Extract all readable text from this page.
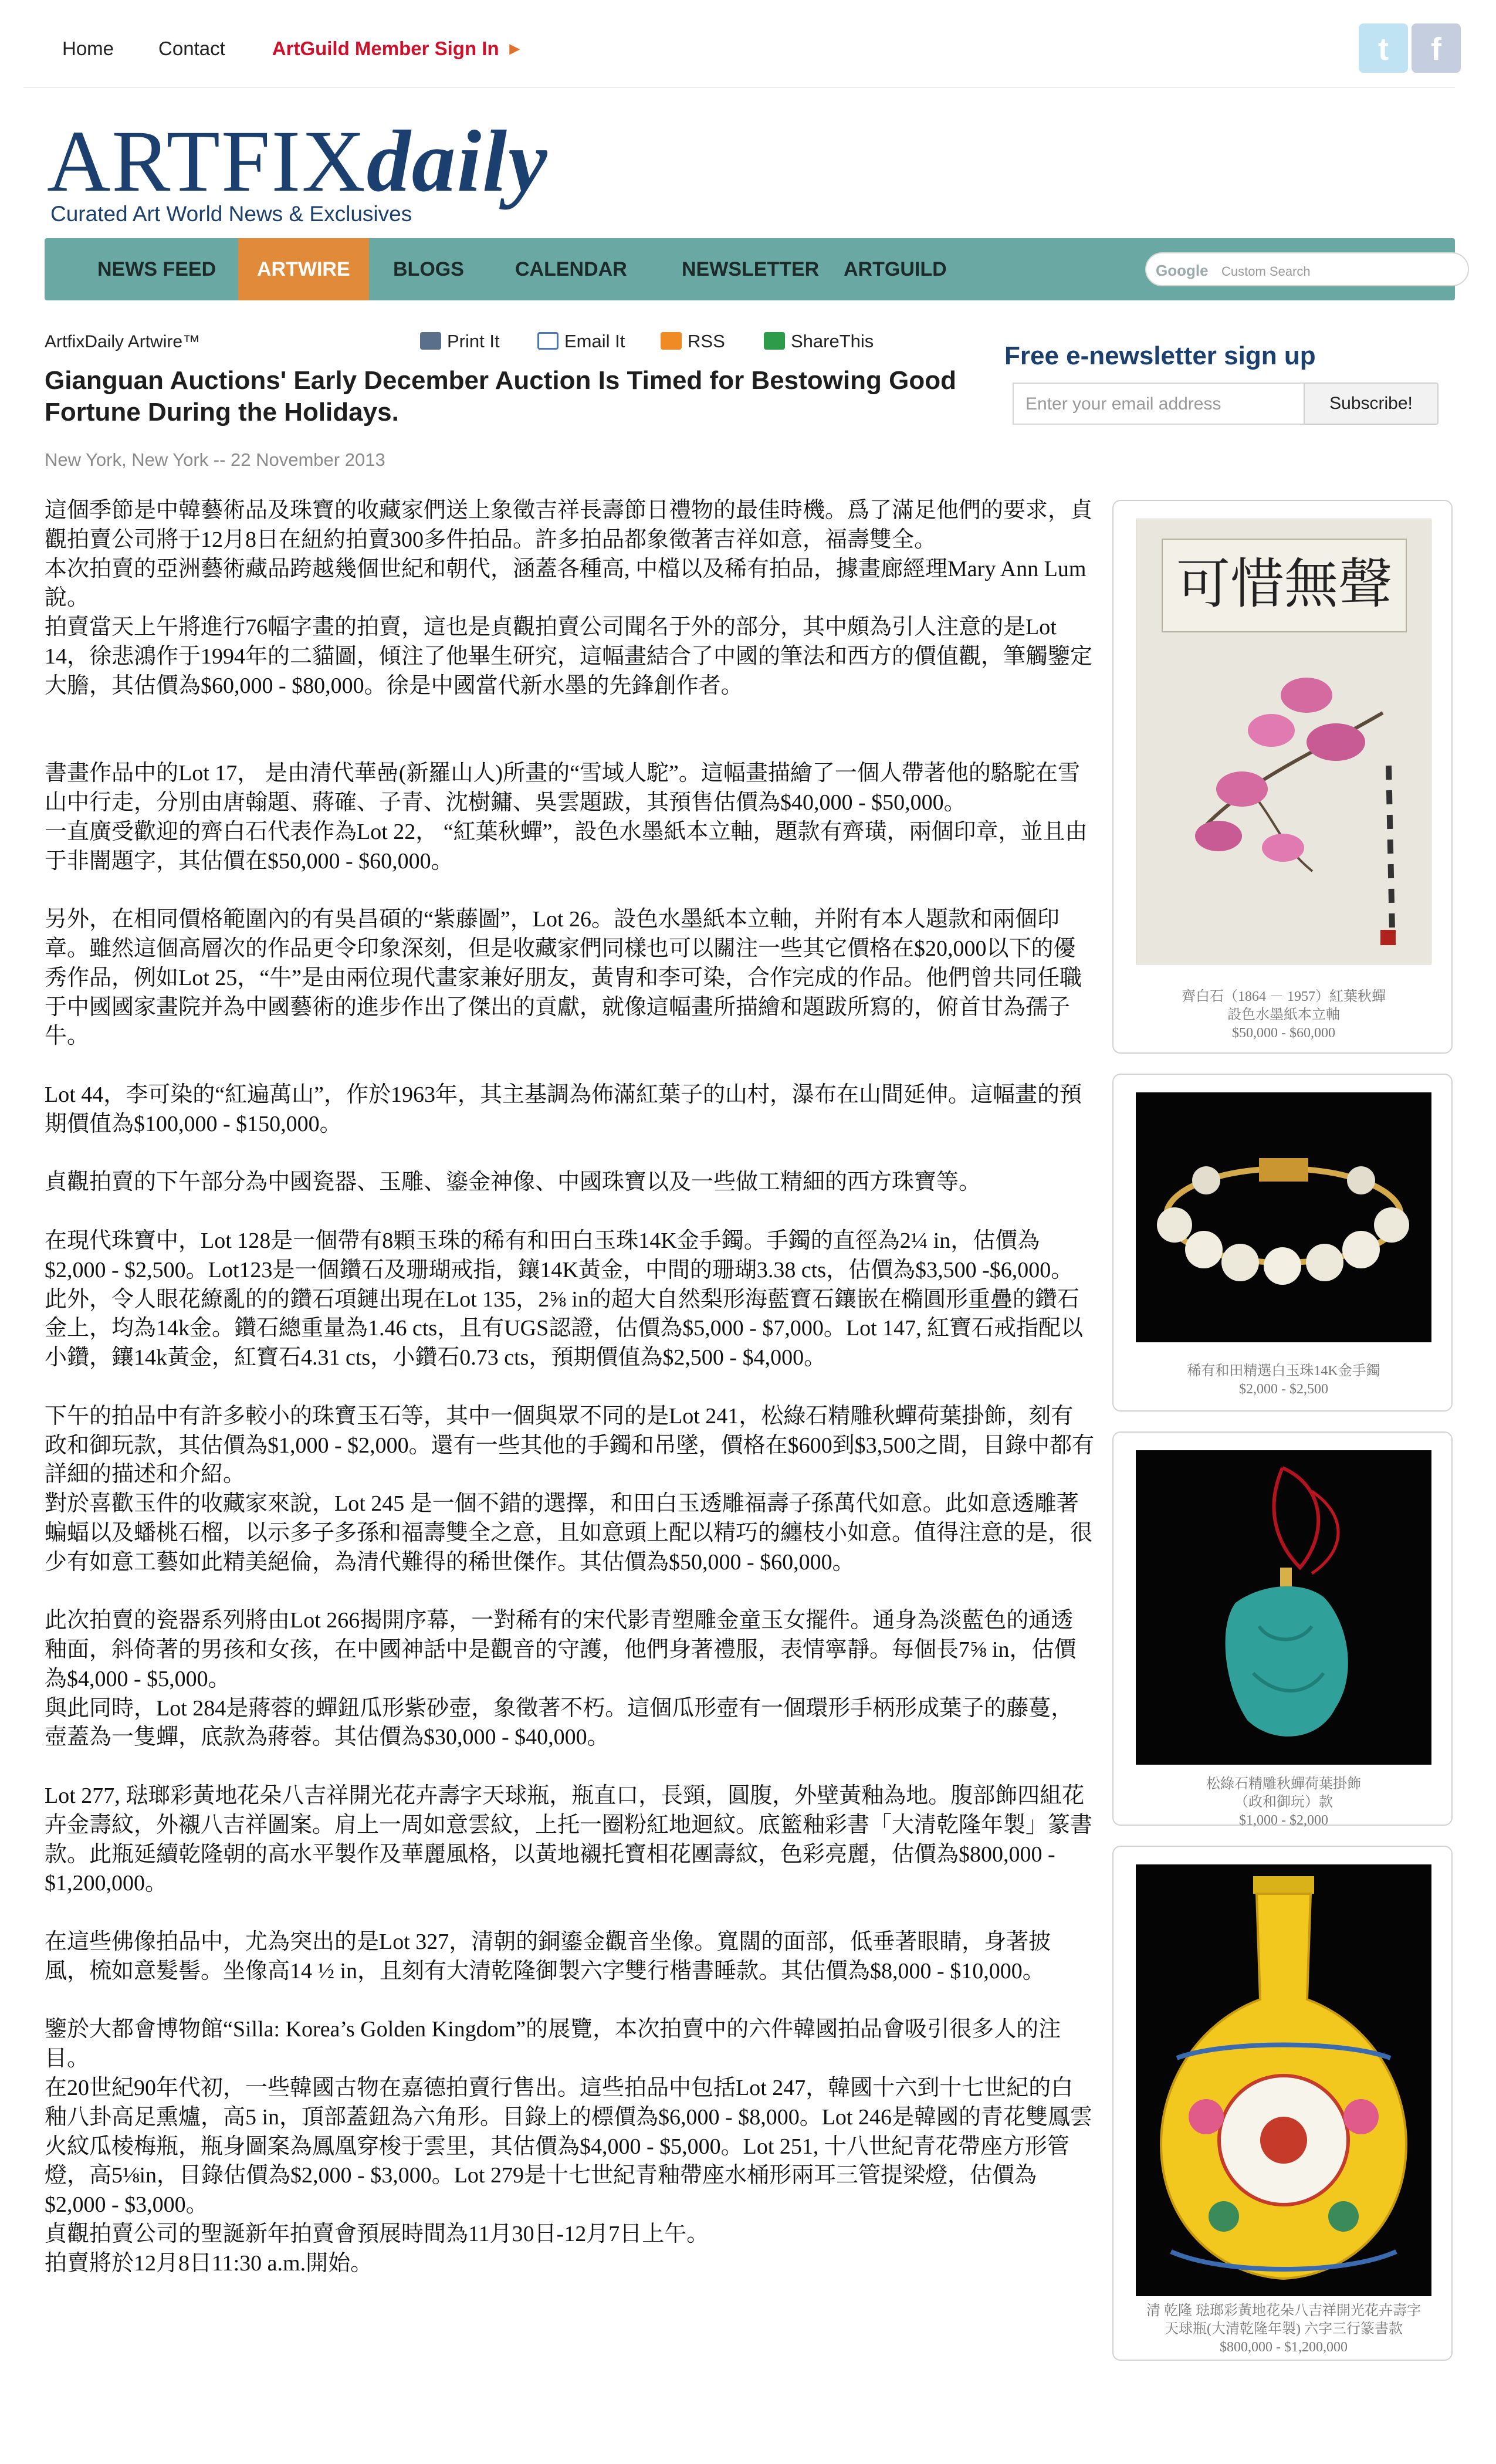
Home Contact ArtGuild Member Sign In ▶	t	f
ARTFIXdaily
Curated Art World News & Exclusives
NEWS FEED	ARTWIRE	BLOGS	CALENDAR	NEWSLETTER	ARTGUILD	Google Custom Search
ArtfixDaily Artwire™	Print It	Email It	RSS	ShareThis
Gianguan Auctions' Early December Auction Is Timed for Bestowing Good Fortune During the Holidays.
New York, New York -- 22 November 2013

這個季節是中韓藝術品及珠寶的收藏家們送上象徵吉祥長壽節日禮物的最佳時機。爲了滿足他們的要求，貞觀拍賣公司將于12月8日在紐約拍賣300多件拍品。許多拍品都象徵著吉祥如意，福壽雙全。

本次拍賣的亞洲藝術藏品跨越幾個世紀和朝代，涵蓋各種高, 中檔以及稀有拍品，據畫廊經理Mary Ann Lum 說。

拍賣當天上午將進行76幅字畫的拍賣，這也是貞觀拍賣公司聞名于外的部分，其中頗為引人注意的是Lot 14，徐悲鴻作于1994年的二貓圖，傾注了他畢生研究，這幅畫結合了中國的筆法和西方的價值觀，筆觸鑒定大膽，其估價為$60,000 - $80,000。徐是中國當代新水墨的先鋒創作者。

書畫作品中的Lot 17， 是由清代華喦(新羅山人)所畫的“雪域人駝”。這幅畫描繪了一個人帶著他的駱駝在雪山中行走，分別由唐翰題、蔣確、子青、沈樹鏞、吳雲題跋，其預售估價為$40,000 - $50,000。

一直廣受歡迎的齊白石代表作為Lot 22， “紅葉秋蟬”，設色水墨紙本立軸，題款有齊璜，兩個印章，並且由于非闇題字，其估價在$50,000 - $60,000。

另外，在相同價格範圍內的有吳昌碩的“紫藤圖”，Lot 26。設色水墨紙本立軸，并附有本人題款和兩個印章。雖然這個高層次的作品更令印象深刻，但是收藏家們同樣也可以關注一些其它價格在$20,000以下的優秀作品，例如Lot 25，“牛”是由兩位現代畫家兼好朋友，黃胄和李可染，合作完成的作品。他們曾共同任職于中國國家畫院并為中國藝術的進步作出了傑出的貢獻，就像這幅畫所描繪和題跋所寫的，俯首甘為孺子牛。

Lot 44，李可染的“紅遍萬山”，作於1963年，其主基調為佈滿紅葉子的山村，瀑布在山間延伸。這幅畫的預期價值為$100,000 - $150,000。

貞觀拍賣的下午部分為中國瓷器、玉雕、鎏金神像、中國珠寶以及一些做工精細的西方珠寶等。

在現代珠寶中，Lot 128是一個帶有8顆玉珠的稀有和田白玉珠14K金手鐲。手鐲的直徑為2¼ in，估價為$2,000 - $2,500。Lot123是一個鑽石及珊瑚戒指，鑲14K黃金，中間的珊瑚3.38 cts，估價為$3,500 -$6,000。此外，令人眼花繚亂的的鑽石項鏈出現在Lot 135，2⅝ in的超大自然梨形海藍寶石鑲嵌在橢圓形重疊的鑽石金上，均為14k金。鑽石總重量為1.46 cts，且有UGS認證，估價為$5,000 - $7,000。Lot 147, 紅寶石戒指配以小鑽，鑲14k黃金，紅寶石4.31 cts，小鑽石0.73 cts，預期價值為$2,500 - $4,000。

下午的拍品中有許多較小的珠寶玉石等，其中一個與眾不同的是Lot 241，松綠石精雕秋蟬荷葉掛飾，刻有政和御玩款，其估價為$1,000 - $2,000。還有一些其他的手鐲和吊墜，價格在$600到$3,500之間，目錄中都有詳細的描述和介紹。

對於喜歡玉件的收藏家來說，Lot 245 是一個不錯的選擇，和田白玉透雕福壽子孫萬代如意。此如意透雕著蝙蝠以及蟠桃石榴，以示多子多孫和福壽雙全之意，且如意頭上配以精巧的纏枝小如意。值得注意的是，很少有如意工藝如此精美絕倫，為清代難得的稀世傑作。其估價為$50,000 - $60,000。

此次拍賣的瓷器系列將由Lot 266揭開序幕，一對稀有的宋代影青塑雕金童玉女擺件。通身為淡藍色的通透釉面，斜倚著的男孩和女孩，在中國神話中是觀音的守護，他們身著禮服，表情寧靜。每個長7⅝ in，估價為$4,000 - $5,000。

與此同時，Lot 284是蔣蓉的蟬鈕瓜形紫砂壺，象徵著不朽。這個瓜形壺有一個環形手柄形成葉子的藤蔓，壺蓋為一隻蟬，底款為蔣蓉。其估價為$30,000 - $40,000。

Lot 277, 琺瑯彩黃地花朵八吉祥開光花卉壽字天球瓶，瓶直口，長頸，圓腹，外壁黃釉為地。腹部飾四組花卉金壽紋，外襯八吉祥圖案。肩上一周如意雲紋，上托一圈粉紅地迴紋。底籃釉彩書「大清乾隆年製」篆書款。此瓶延續乾隆朝的高水平製作及華麗風格，以黃地襯托寶相花團壽紋，色彩亮麗，估價為$800,000 - $1,200,000。

在這些佛像拍品中，尤為突出的是Lot 327，清朝的銅鎏金觀音坐像。寬闊的面部，低垂著眼睛，身著披風，梳如意髮髻。坐像高14 ½ in，且刻有大清乾隆御製六字雙行楷書睡款。其估價為$8,000 - $10,000。

鑒於大都會博物館“Silla: Korea’s Golden Kingdom”的展覽，本次拍賣中的六件韓國拍品會吸引很多人的注目。

在20世紀90年代初，一些韓國古物在嘉德拍賣行售出。這些拍品中包括Lot 247，韓國十六到十七世紀的白釉八卦高足熏爐，高5 in，頂部蓋鈕為六角形。目錄上的標價為$6,000 - $8,000。Lot 246是韓國的青花雙鳳雲火紋瓜棱梅瓶，瓶身圖案為鳳凰穿梭于雲里，其估價為$4,000 - $5,000。Lot 251, 十八世紀青花帶座方形管燈，高5⅛in，目錄估價為$2,000 - $3,000。Lot 279是十七世紀青釉帶座水桶形兩耳三管提梁燈，估價為$2,000 - $3,000。

貞觀拍賣公司的聖誕新年拍賣會預展時間為11月30日-12月7日上午。

拍賣將於12月8日11:30 a.m.開始。

Free e-newsletter sign up
Enter your email address	Subscribe!
可惜無聲
齊白石（1864 － 1957）紅葉秋蟬
設色水墨紙本立軸
$50,000 - $60,000
稀有和田精選白玉珠14K金手鐲
$2,000 - $2,500
松綠石精雕秋蟬荷葉掛飾
（政和御玩）款
$1,000 - $2,000
清 乾隆 琺瑯彩黃地花朵八吉祥開光花卉壽字
天球瓶(大清乾隆年製) 六字三行篆書款
$800,000 - $1,200,000
